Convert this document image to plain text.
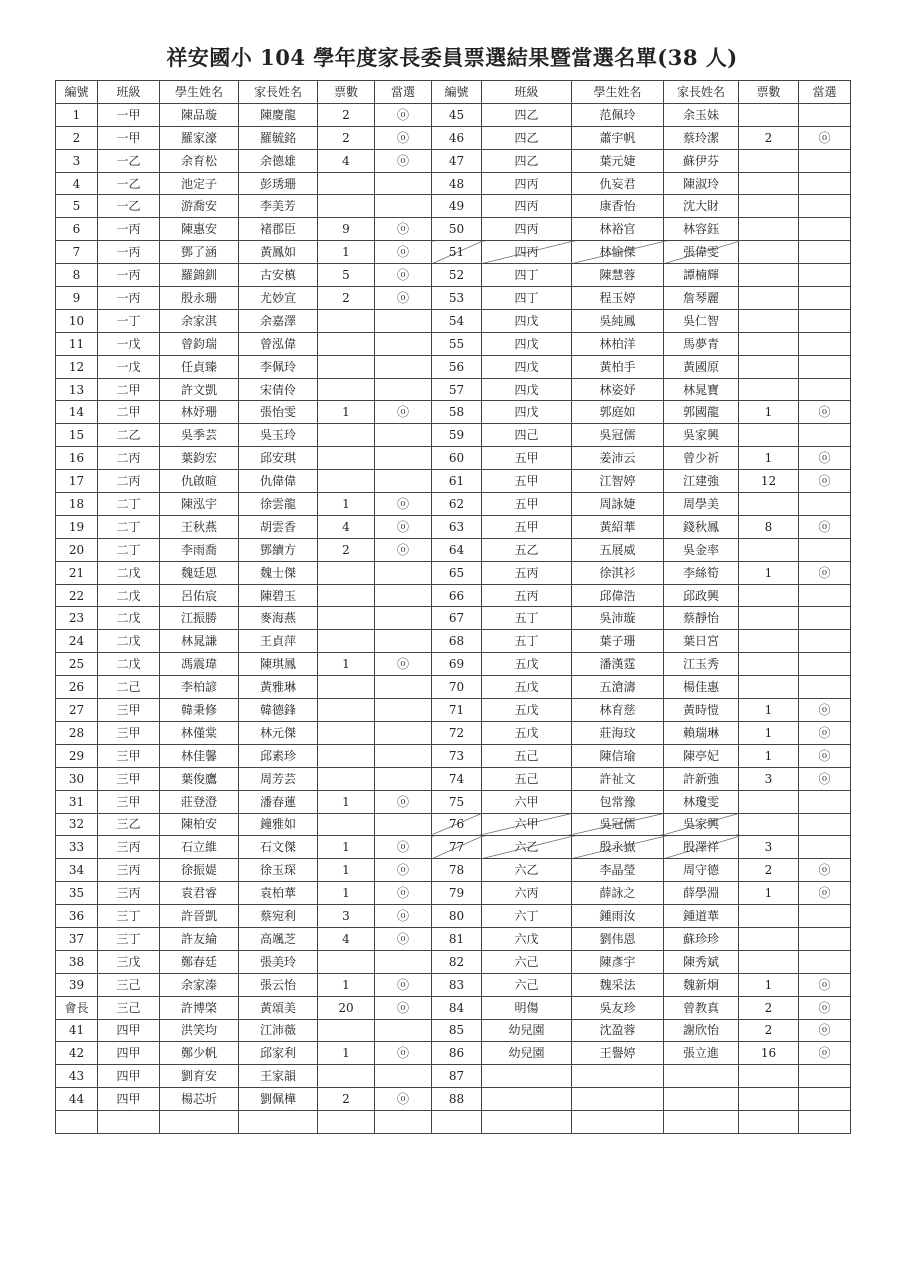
祥安國小 104 學年度家長委員票選結果暨當選名單(38 人)
編號	班級	學生姓名	家長姓名	票數	當選	編號	班級	學生姓名	家長姓名	票數	當選
1	一甲	陳品璇	陳慶龍	2	ⓞ	45	四乙	范佩玲	余玉妹		
2	一甲	羅家濠	羅毓銘	2	ⓞ	46	四乙	蕭宇帆	蔡玲潔	2	ⓞ
3	一乙	余育松	余德雄	4	ⓞ	47	四乙	葉元婕	蘇伊芬		
4	一乙	池定子	彭琇珊			48	四丙	仇妄君	陳淑玲		
5	一乙	游喬安	李美芳			49	四丙	康香怡	沈大財		
6	一丙	陳惠安	褚郡臣	9	ⓞ	50	四丙	林裕官	林容鈺		
7	一丙	鄧了涵	黃鳳如	1	ⓞ	51	四丙	林愉傑	張偉雯		
8	一丙	羅錦釧	古安槙	5	ⓞ	52	四丁	陳慧蓉	譚楠輝		
9	一丙	殷永珊	尤妙宣	2	ⓞ	53	四丁	程玉婷	詹琴麗		
10	一丁	余家淇	余嘉澤			54	四戊	吳純鳳	吳仁智		
11	一戊	曾鈞瑞	曾泓偉			55	四戊	林柏洋	馬夢青		
12	一戊	任貞臻	李佩玲			56	四戊	黃柏手	黃國原		
13	二甲	許文凱	宋倩伶			57	四戊	林姿妤	林晁寶		
14	二甲	林妤珊	張怡雯	1	ⓞ	58	四戊	郭庭如	郭國龍	1	ⓞ
15	二乙	吳季芸	吳玉玲			59	四己	吳冠儒	吳家興		
16	二丙	葉鈞宏	邱安琪			60	五甲	姜沛云	曾少祈	1	ⓞ
17	二丙	仇啟暄	仇偉偉			61	五甲	江智婷	江建強	12	ⓞ
18	二丁	陳泓宇	徐雲龍	1	ⓞ	62	五甲	周詠婕	周學美		
19	二丁	王秋燕	胡雲香	4	ⓞ	63	五甲	黃紹華	錢秋鳳	8	ⓞ
20	二丁	李雨喬	鄧續方	2	ⓞ	64	五乙	五展威	吳金率		
21	二戊	魏廷恩	魏士傑			65	五丙	徐淇衫	李絲筍	1	ⓞ
22	二戊	呂佑宸	陳碧玉			66	五丙	邱偉浩	邱政興		
23	二戊	江振勝	麥海燕			67	五丁	吳沛璇	蔡靜怡		
24	二戊	林晁謙	王貞萍			68	五丁	葉子珊	葉日宮		
25	二戊	馮震瑋	陳琪鳳	1	ⓞ	69	五戊	潘漢霆	江玉秀		
26	二己	李柏諺	黃雅琳			70	五戊	五滄濤	楊佳惠		
27	三甲	韓秉修	韓德鋒			71	五戊	林育慈	黃時愷	1	ⓞ
28	三甲	林僅棠	林元傑			72	五戊	莊海玟	賴瑞琳	1	ⓞ
29	三甲	林佳馨	邱素珍			73	五己	陳信瑜	陳亭妃	1	ⓞ
30	三甲	葉俊鷹	周芳芸			74	五己	許祉文	許新強	3	ⓞ
31	三甲	莊登澄	潘春蓮	1	ⓞ	75	六甲	包常豫	林瓊雯		
32	三乙	陳柏安	鐘雅如			76	六甲	吳冠儒	吳家興		
33	三丙	石立維	石文傑	1	ⓞ	77	六乙	殷永嶽	殷澤祥	3	
34	三丙	徐振媞	徐玉琛	1	ⓞ	78	六乙	李晶瑩	周守德	2	ⓞ
35	三丙	袁君睿	袁柏華	1	ⓞ	79	六丙	薛詠之	薛學淵	1	ⓞ
36	三丁	許晉凱	蔡宛利	3	ⓞ	80	六丁	鍾雨汝	鍾道華		
37	三丁	許友綸	高颯芝	4	ⓞ	81	六戊	劉伟恩	蘇珍珍		
38	三戊	鄭春廷	張美玲			82	六己	陳彥宇	陳秀斌		
39	三己	余家溱	張云怡	1	ⓞ	83	六己	魏采法	魏新炯	1	ⓞ
會長	三己	許博棨	黃頌美	20	ⓞ	84	明傷	吳友珍	曾教真	2	ⓞ
41	四甲	洪笑均	江沛薇			85	幼兒園	沈盈蓉	謝欣怡	2	ⓞ
42	四甲	鄭少帆	邱家利	1	ⓞ	86	幼兒園	王譽婷	張立進	16	ⓞ
43	四甲	劉育安	王家韻			87					
44	四甲	楊芯圻	劉佩樺	2	ⓞ	88					
